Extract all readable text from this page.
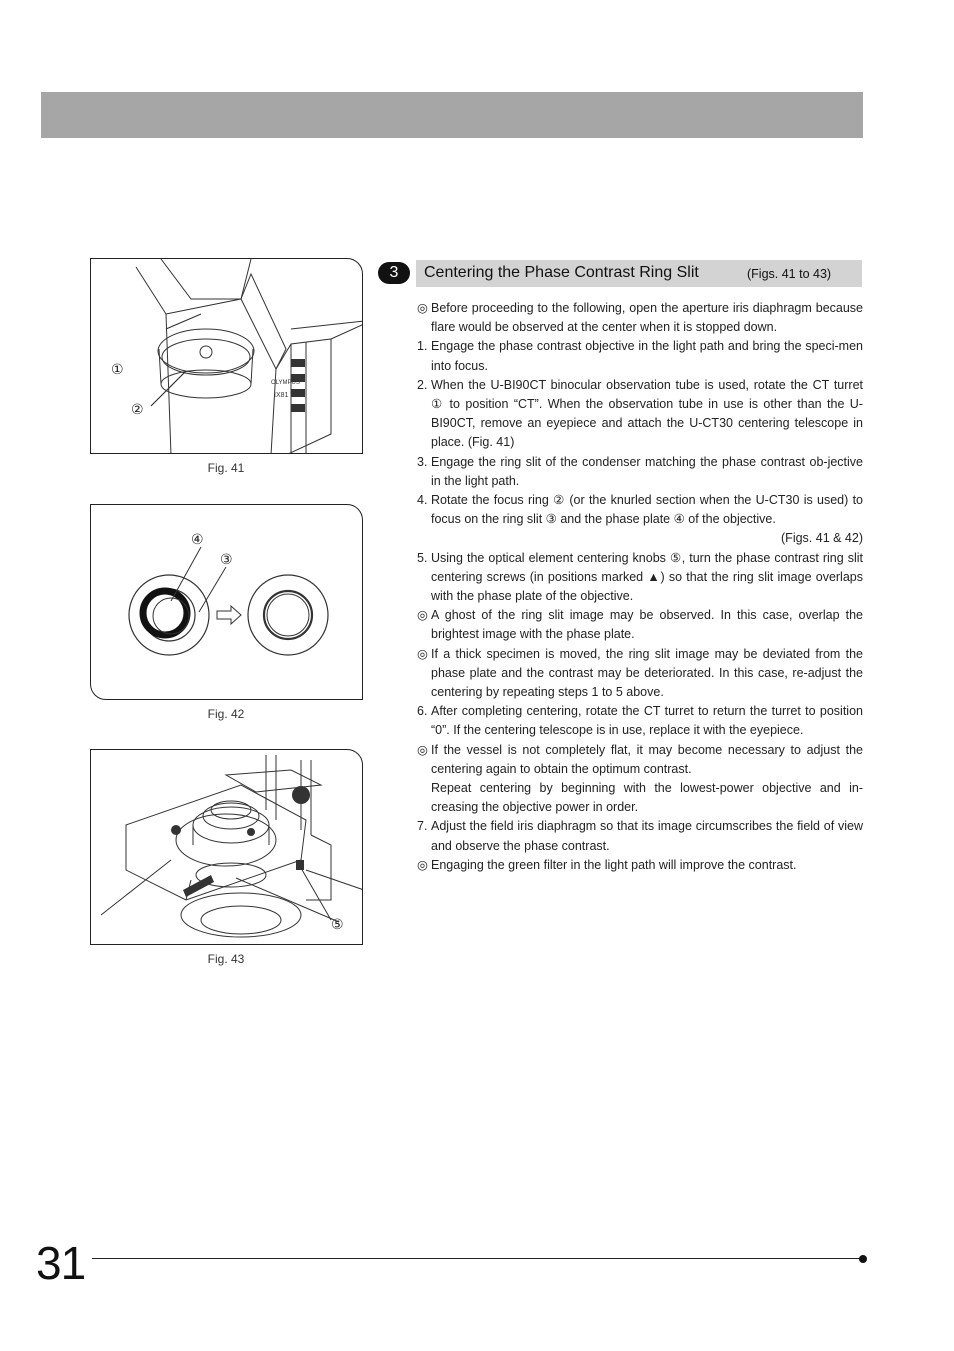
OLYMPUS
IX81
①
②
Fig. 41
④
③
Fig. 42
⑤
Fig. 43
3	Centering the Phase Contrast Ring Slit	(Figs. 41 to 43)
◎ Before proceeding to the following, open the aperture iris diaphragm because flare would be observed at the center when it is stopped down.
1. Engage the phase contrast objective in the light path and bring the speci-men into focus.
2. When the U-BI90CT binocular observation tube is used, rotate the CT turret ① to position “CT”. When the observation tube in use is other than the U-BI90CT, remove an eyepiece and attach the U-CT30 centering telescope in place. (Fig. 41)
3. Engage the ring slit of the condenser matching the phase contrast ob-jective in the light path.
4. Rotate the focus ring ② (or the knurled section when the U-CT30 is used) to focus on the ring slit ③ and the phase plate ④ of the objective.
(Figs. 41 & 42)
5. Using the optical element centering knobs ⑤, turn the phase contrast ring slit centering screws (in positions marked ▲) so that the ring slit image overlaps with the phase plate of the objective.
◎ A ghost of the ring slit image may be observed. In this case, overlap the brightest image with the phase plate.
◎ If a thick specimen is moved, the ring slit image may be deviated from the phase plate and the contrast may be deteriorated. In this case, re-adjust the centering by repeating steps 1 to 5 above.
6. After completing centering, rotate the CT turret to return the turret to position “0”. If the centering telescope is in use, replace it with the eyepiece.
◎ If the vessel is not completely flat, it may become necessary to adjust the centering again to obtain the optimum contrast.
Repeat centering by beginning with the lowest-power objective and in-creasing the objective power in order.
7. Adjust the field iris diaphragm so that its image circumscribes the field of view and observe the phase contrast.
◎ Engaging the green filter in the light path will improve the contrast.
31
